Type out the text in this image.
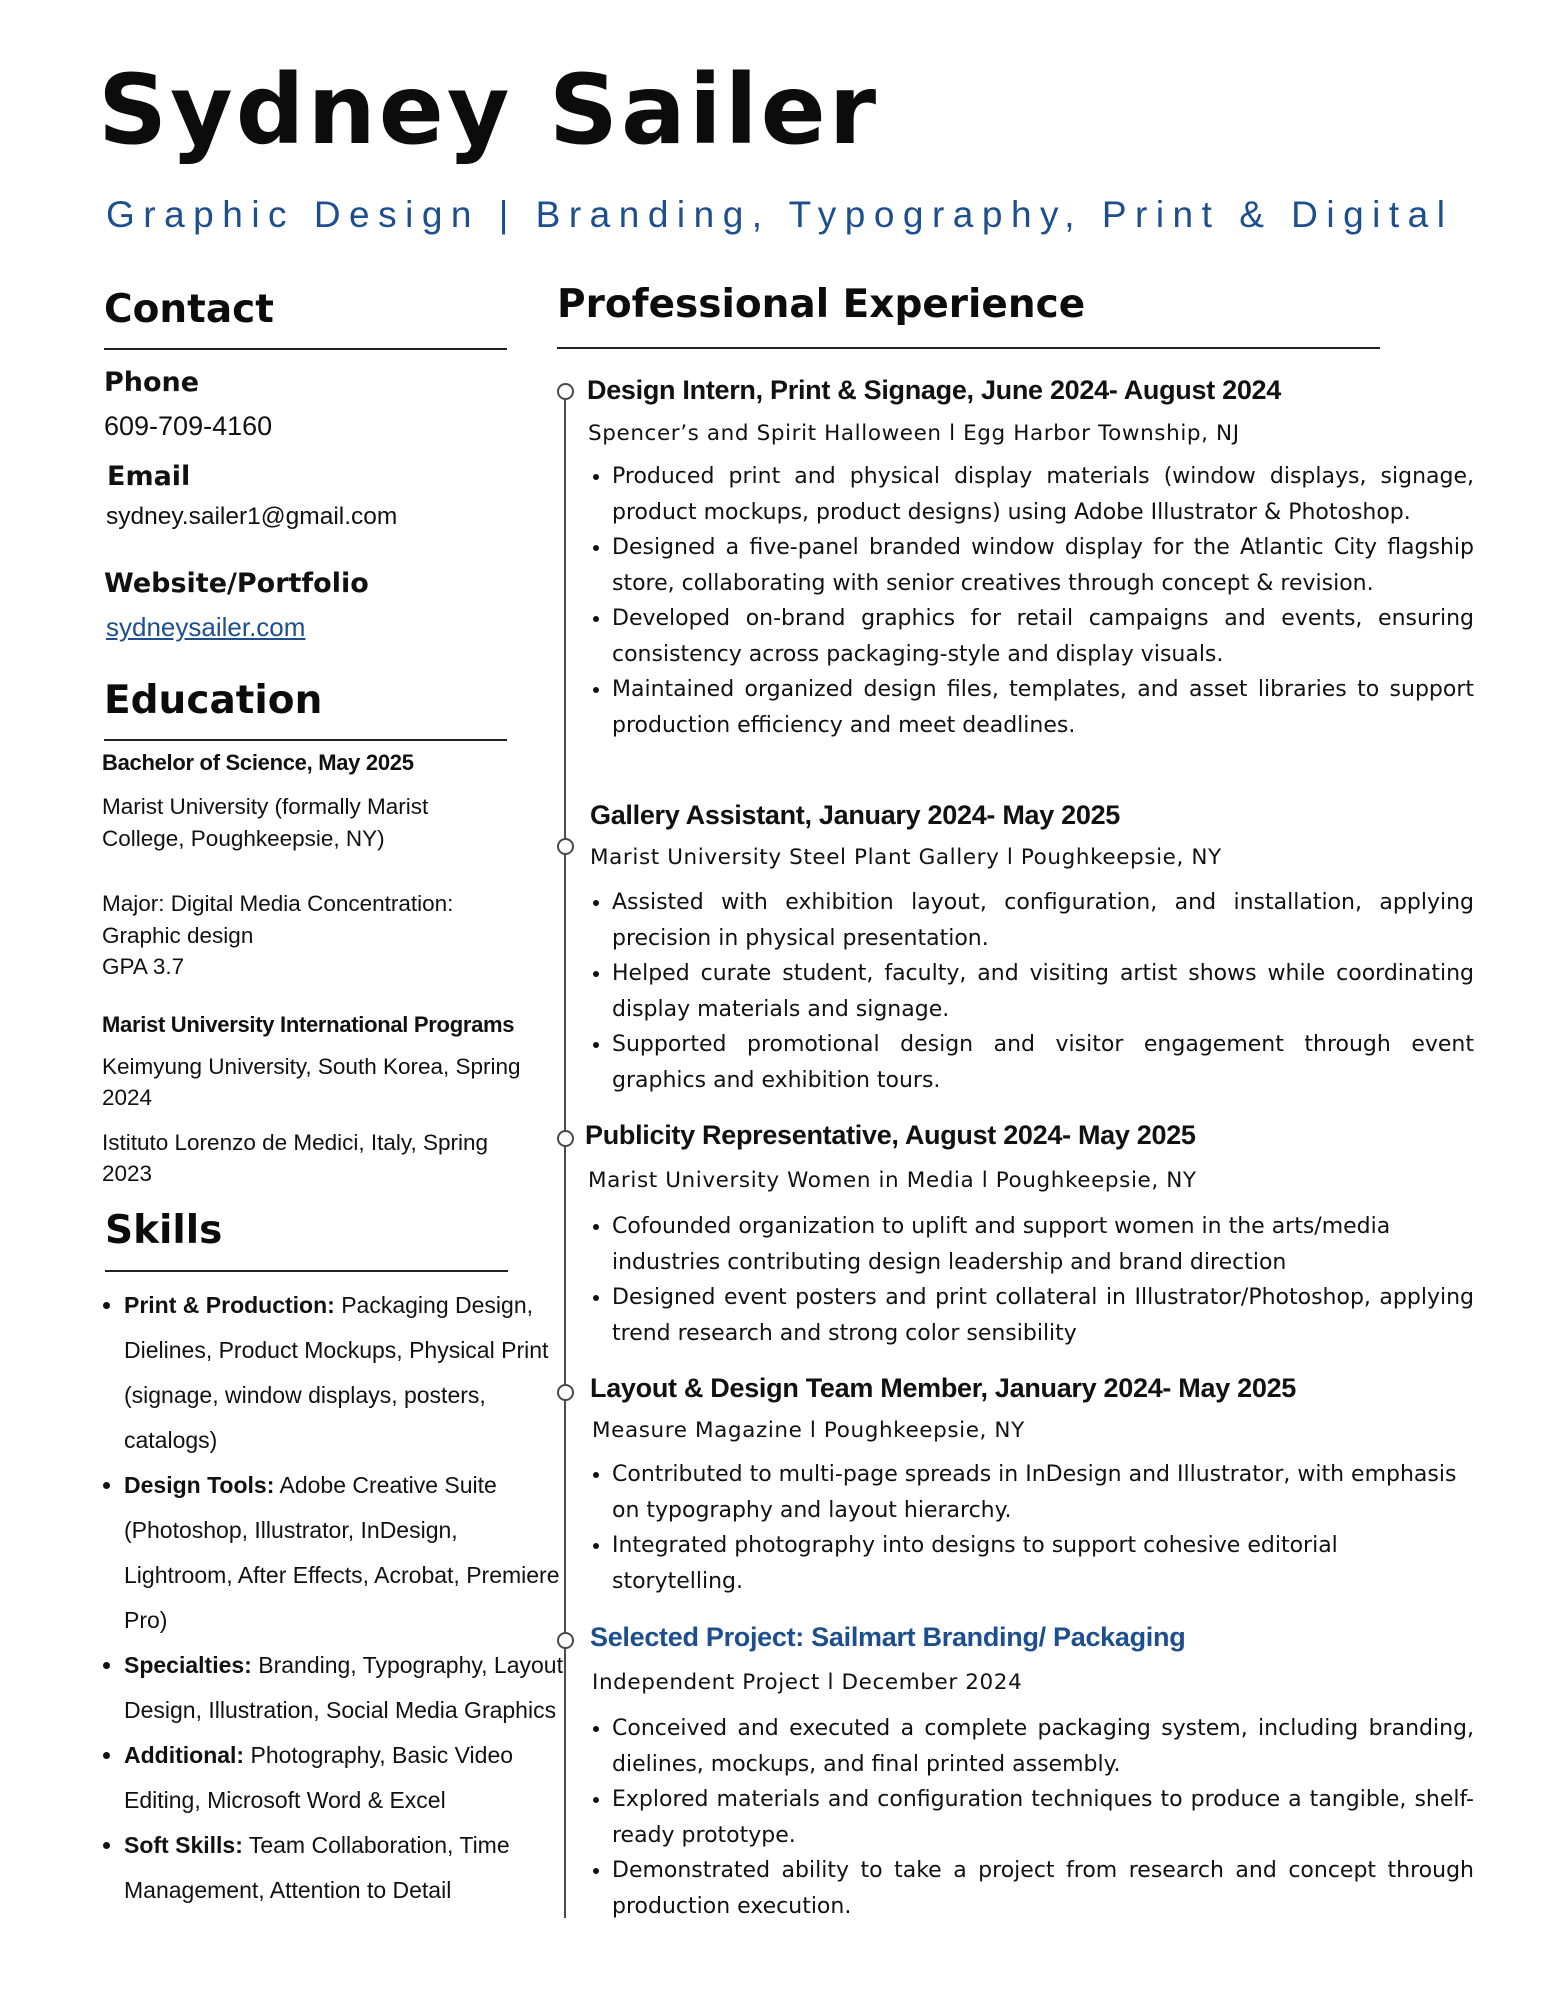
Sydney Sailer
Graphic Design | Branding, Typography, Print & Digital
Contact
Phone
609-709-4160
Email
sydney.sailer1@gmail.com
Website/Portfolio
sydneysailer.com
Education
Bachelor of Science, May 2025
Marist University (formally Marist
College, Poughkeepsie, NY)
Major: Digital Media Concentration:
Graphic design
GPA 3.7
Marist University International Programs
Keimyung University, South Korea, Spring
2024
Istituto Lorenzo de Medici, Italy, Spring
2023
Skills
• Print & Production: Packaging Design, Dielines, Product Mockups, Physical Print (signage, window displays, posters, catalogs)
• Design Tools: Adobe Creative Suite (Photoshop, Illustrator, InDesign, Lightroom, After Effects, Acrobat, Premiere Pro)
• Specialties: Branding, Typography, Layout Design, Illustration, Social Media Graphics
• Additional: Photography, Basic Video Editing, Microsoft Word & Excel
• Soft Skills: Team Collaboration, Time Management, Attention to Detail
Professional Experience
Design Intern, Print & Signage, June 2024- August 2024
Spencer’s and Spirit Halloween l Egg Harbor Township, NJ
• Produced print and physical display materials (window displays, signage, product mockups, product designs) using Adobe Illustrator & Photoshop.
• Designed a five-panel branded window display for the Atlantic City flagship store, collaborating with senior creatives through concept & revision.
• Developed on-brand graphics for retail campaigns and events, ensuring consistency across packaging-style and display visuals.
• Maintained organized design files, templates, and asset libraries to support production efficiency and meet deadlines.
Gallery Assistant, January 2024- May 2025
Marist University Steel Plant Gallery l Poughkeepsie, NY
• Assisted with exhibition layout, configuration, and installation, applying precision in physical presentation.
• Helped curate student, faculty, and visiting artist shows while coordinating display materials and signage.
• Supported promotional design and visitor engagement through event graphics and exhibition tours.
Publicity Representative, August 2024- May 2025
Marist University Women in Media l Poughkeepsie, NY
• Cofounded organization to uplift and support women in the arts/media industries contributing design leadership and brand direction
• Designed event posters and print collateral in Illustrator/Photoshop, applying trend research and strong color sensibility
Layout & Design Team Member, January 2024- May 2025
Measure Magazine l Poughkeepsie, NY
• Contributed to multi-page spreads in InDesign and Illustrator, with emphasis on typography and layout hierarchy.
• Integrated photography into designs to support cohesive editorial storytelling.
Selected Project: Sailmart Branding/ Packaging
Independent Project l December 2024
• Conceived and executed a complete packaging system, including branding, dielines, mockups, and final printed assembly.
• Explored materials and configuration techniques to produce a tangible, shelf-ready prototype.
• Demonstrated ability to take a project from research and concept through production execution.
